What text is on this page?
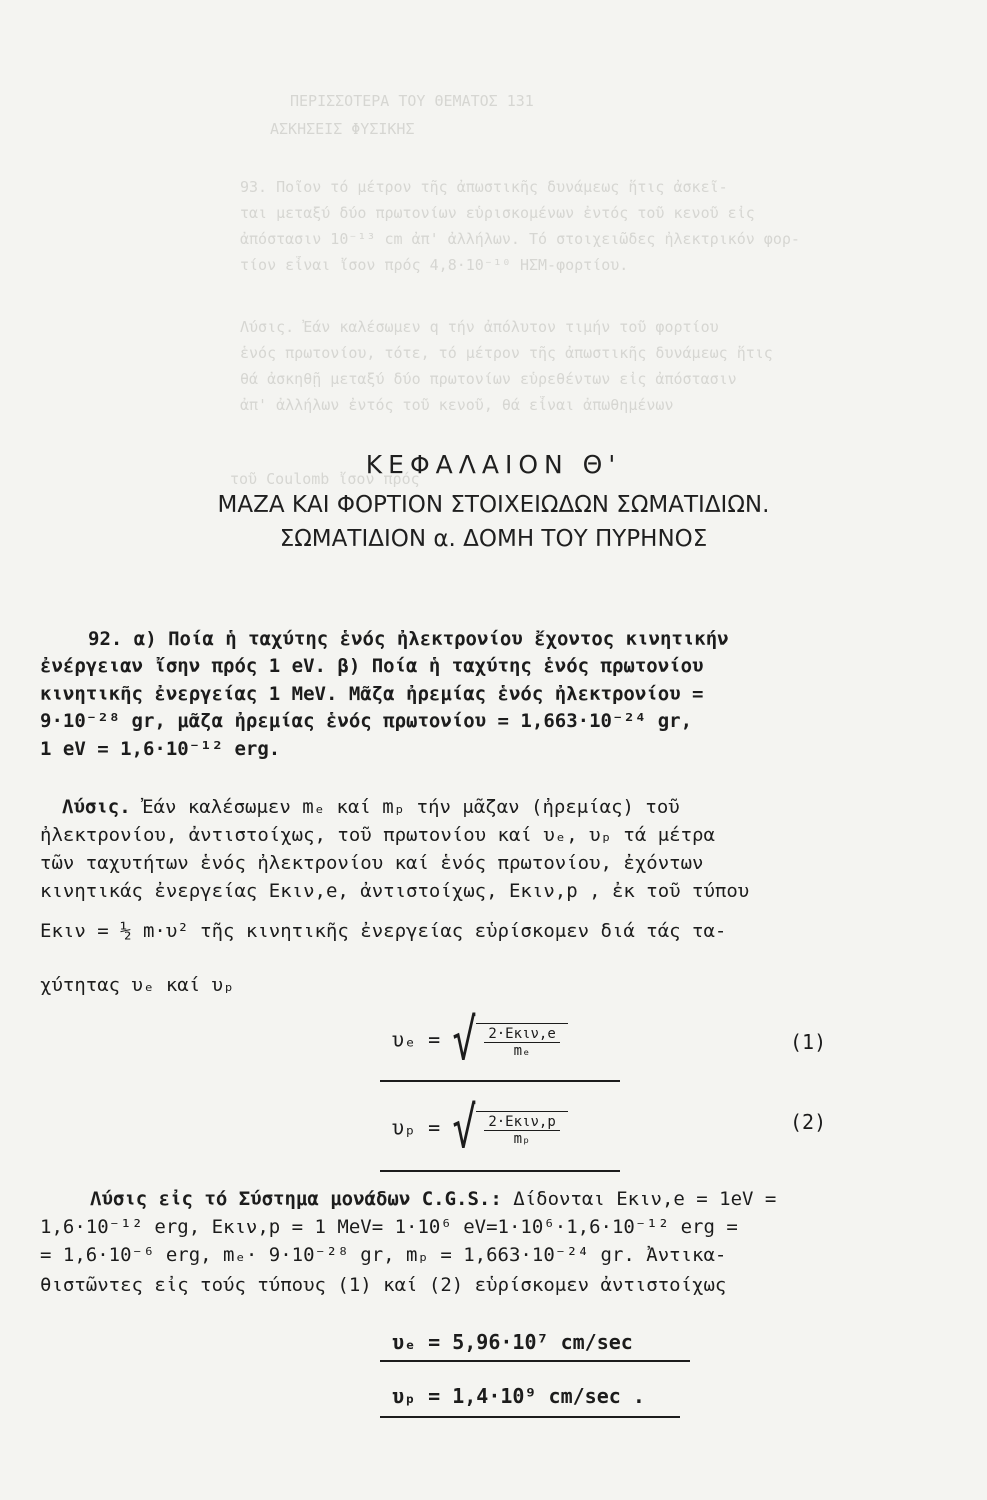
ΠΕΡΙΣΣΟΤΕΡΑ ΤΟΥ ΘΕΜΑΤΟΣ 131
ΑΣΚΗΣΕΙΣ ΦΥΣΙΚΗΣ
93. Ποῖον τό μέτρον τῆς ἀπωστικῆς δυνάμεως ἥτις ἀσκεῖ-
ται μεταξύ δύο πρωτονίων εὑρισκομένων ἐντός τοῦ κενοῦ εἰς
ἀπόστασιν 10⁻¹³ cm ἀπ' ἀλλήλων. Τό στοιχειῶδες ἠλεκτρικόν φορ-
τίον εἶναι ἴσον πρός 4,8·10⁻¹⁰ ΗΣΜ-φορτίου.
Λύσις. Ἐάν καλέσωμεν q τήν ἀπόλυτον τιμήν τοῦ φορτίου
ἑνός πρωτονίου, τότε, τό μέτρον τῆς ἀπωστικῆς δυνάμεως ἥτις
θά ἀσκηθῇ μεταξύ δύο πρωτονίων εὑρεθέντων εἰς ἀπόστασιν
ἀπ' ἀλλήλων ἐντός τοῦ κενοῦ, θά εἶναι ἀπωθημένων
τοῦ Coulomb ἴσον πρός
ΚΕΦΑΛΑΙΟΝ Θ'
ΜΑΖΑ ΚΑΙ ΦΟΡΤΙΟΝ ΣΤΟΙΧΕΙΩΔΩΝ ΣΩΜΑΤΙΔΙΩΝ.
ΣΩΜΑΤΙΔΙΟΝ α. ΔΟΜΗ ΤΟΥ ΠΥΡΗΝΟΣ
92. α) Ποία ἡ ταχύτης ἑνός ἠλεκτρονίου ἔχοντος κινητικήν
ἐνέργειαν ἴσην πρός 1 eV. β) Ποία ἡ ταχύτης ἑνός πρωτονίου
κινητικῆς ἐνεργείας 1 MeV. Μᾶζα ἠρεμίας ἑνός ἠλεκτρονίου =
9·10⁻²⁸ gr, μᾶζα ἠρεμίας ἑνός πρωτονίου = 1,663·10⁻²⁴ gr,
1 eV = 1,6·10⁻¹² erg.
Λύσις. Ἐάν καλέσωμεν mₑ καί mₚ τήν μᾶζαν (ἠρεμίας) τοῦ
ἠλεκτρονίου, ἀντιστοίχως, τοῦ πρωτονίου καί υₑ, υₚ τά μέτρα
τῶν ταχυτήτων ἑνός ἠλεκτρονίου καί ἑνός πρωτονίου, ἐχόντων
κινητικάς ἐνεργείας Eκιν,e, ἀντιστοίχως, Eκιν,p , ἐκ τοῦ τύπου
Eκιν = ½ m·υ² τῆς κινητικῆς ἐνεργείας εὑρίσκομεν διά τάς τα-
χύτητας υₑ καί υₚ
υₑ = √ $\frac{\text{2·Eκιν,e}}{\text{mₑ}}$	(1)
υₚ = √ $\frac{\text{2·Eκιν,p}}{\text{mₚ}}$	(2)
Λύσις εἰς τό Σύστημα μονάδων C.G.S.: Δίδονται Eκιν,e = 1eV =
1,6·10⁻¹² erg, Eκιν,p = 1 MeV= 1·10⁶ eV=1·10⁶·1,6·10⁻¹² erg =
= 1,6·10⁻⁶ erg, mₑ· 9·10⁻²⁸ gr, mₚ = 1,663·10⁻²⁴ gr. Ἀντικα-
θιστῶντες εἰς τούς τύπους (1) καί (2) εὑρίσκομεν ἀντιστοίχως
υₑ = 5,96·10⁷ cm/sec
υₚ = 1,4·10⁹ cm/sec .
